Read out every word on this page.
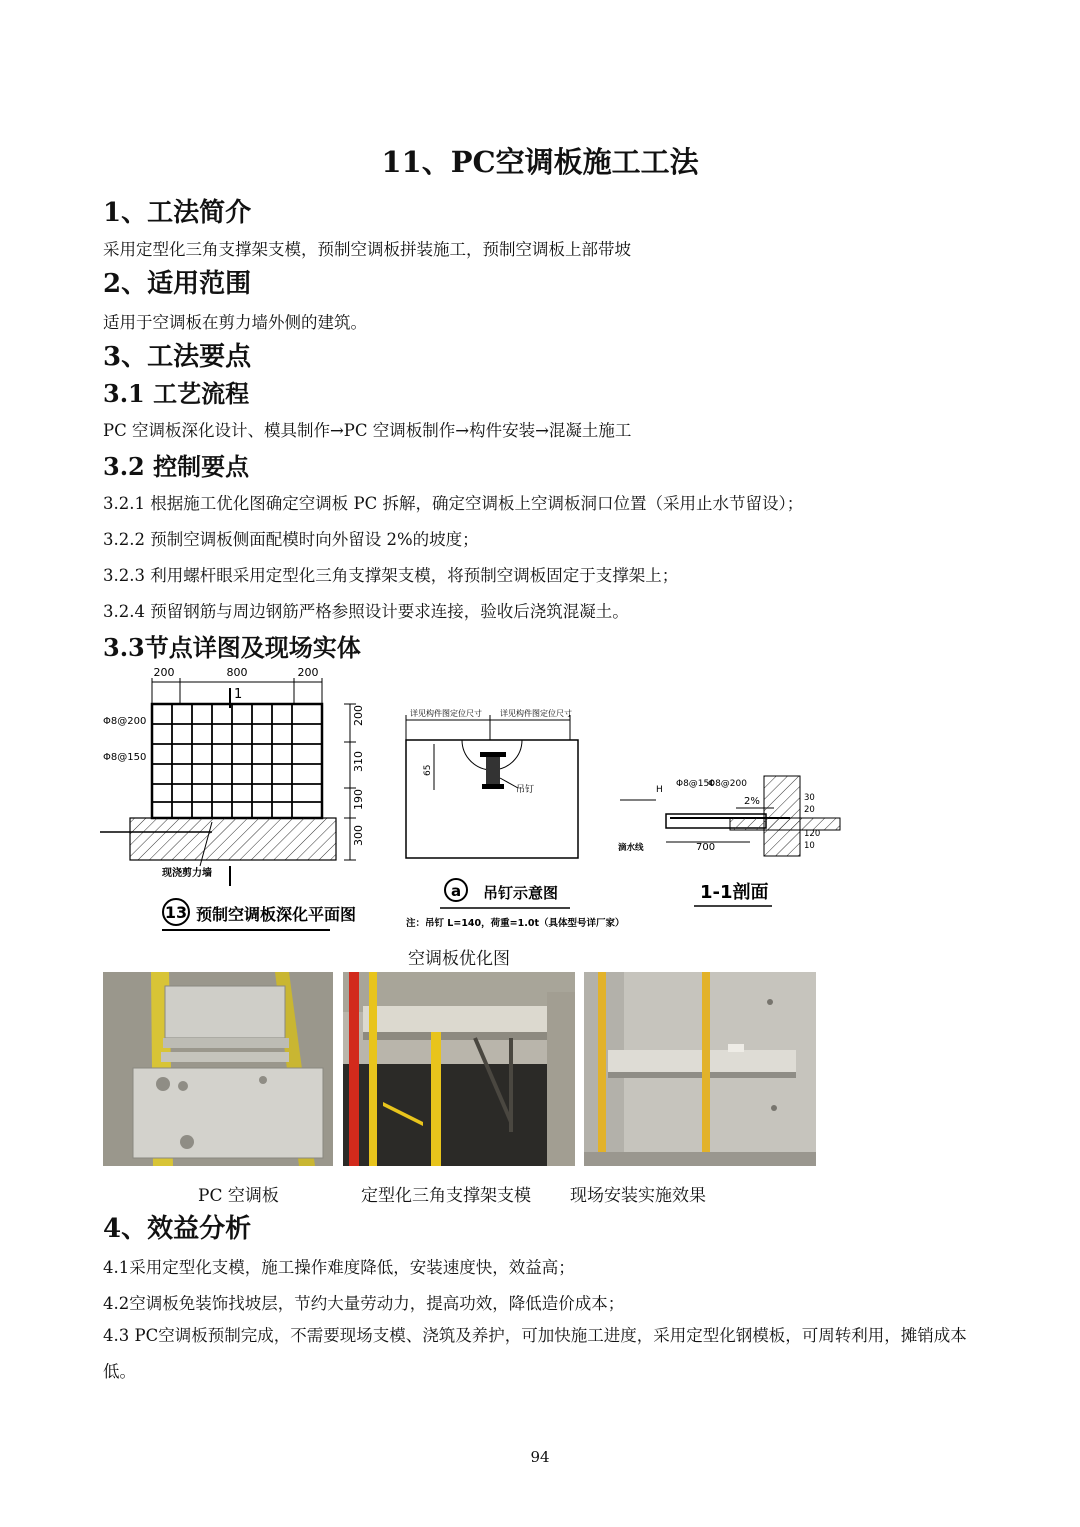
11、PC空调板施工工法
1、工法简介
采用定型化三角支撑架支模，预制空调板拼装施工，预制空调板上部带坡
2、适用范围
适用于空调板在剪力墙外侧的建筑。
3、工法要点
3.1 工艺流程
PC 空调板深化设计、模具制作→PC 空调板制作→构件安装→混凝土施工
3.2 控制要点
3.2.1 根据施工优化图确定空调板 PC 拆解，确定空调板上空调板洞口位置（采用止水节留设）；
3.2.2 预制空调板侧面配模时向外留设 2%的坡度；
3.2.3 利用螺杆眼采用定型化三角支撑架支模，将预制空调板固定于支撑架上；
3.2.4 预留钢筋与周边钢筋严格参照设计要求连接，验收后浇筑混凝土。
3.3节点详图及现场实体
200	800	200
1
Φ8@200
Φ8@150
200
310
190
300
现浇剪力墙
13 预制空调板深化平面图
详见构件图定位尺寸 详见构件图定位尺寸
65
吊钉
a 吊钉示意图
注：吊钉 L=140，荷重=1.0t（具体型号详厂家）
H
Φ8@150
Φ8@200
2%
700
滴水线
30
20
120
10
1-1剖面
空调板优化图
PC 空调板	定型化三角支撑架支模 现场安装实施效果
4、效益分析
4.1采用定型化支模，施工操作难度降低，安装速度快，效益高；
4.2空调板免装饰找坡层，节约大量劳动力，提高功效，降低造价成本；
4.3 PC空调板预制完成，不需要现场支模、浇筑及养护，可加快施工进度，采用定型化钢模板，可周转利用，摊销成本低。
94
